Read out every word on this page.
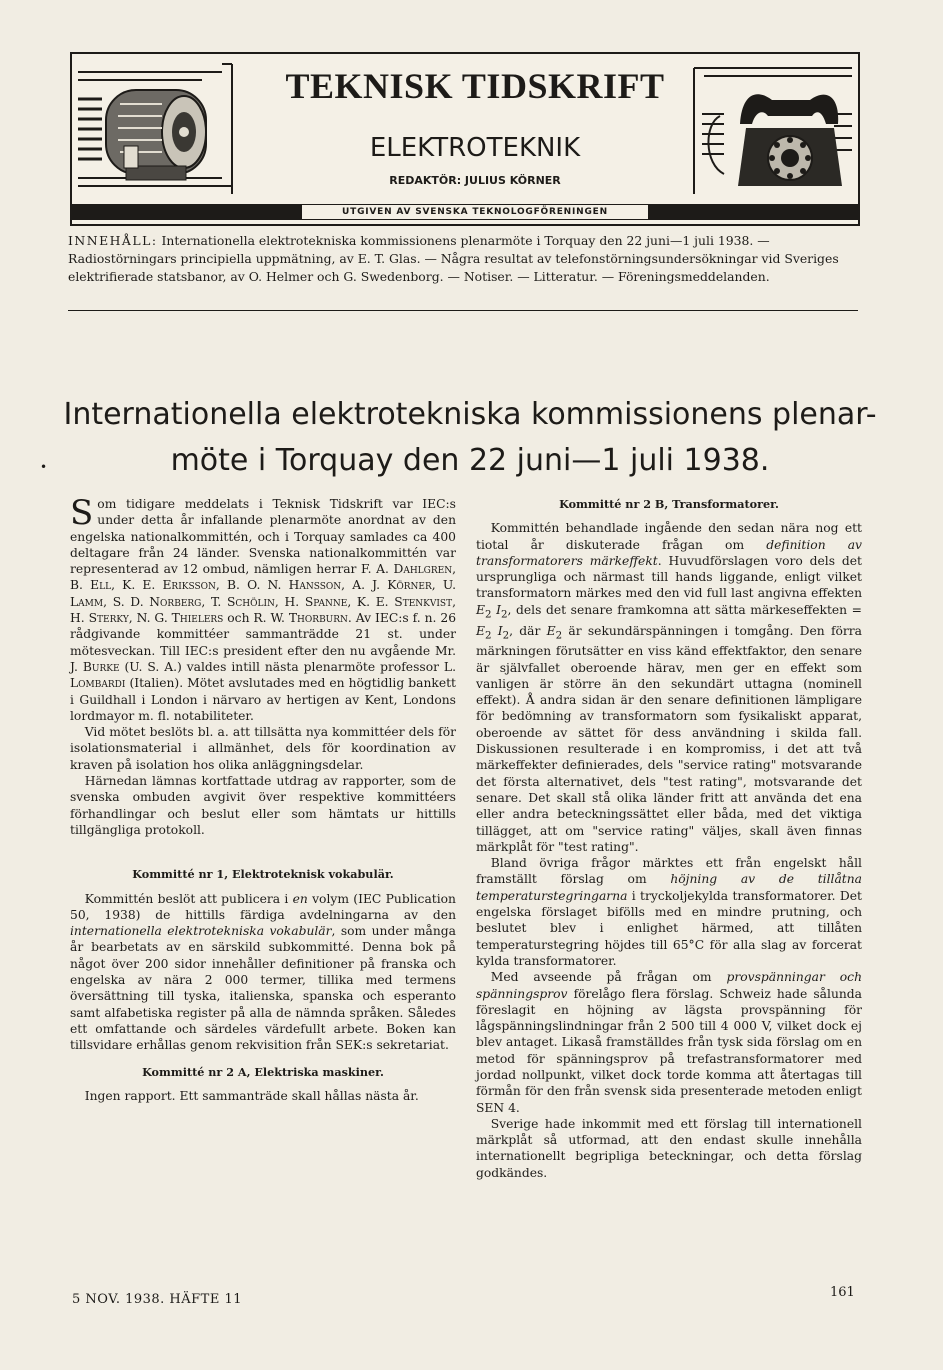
TEKNISK TIDSKRIFT
ELEKTROTEKNIK
REDAKTÖR: JULIUS KÖRNER
UTGIVEN AV SVENSKA TEKNOLOGFÖRENINGEN
INNEHÅLL: Internationella elektrotekniska kommissionens plenarmöte i Torquay den 22 juni—1 juli 1938. — Radiostörningars principiella uppmätning, av E. T. Glas. — Några resultat av telefonstörningsundersökningar vid Sveriges elektrifierade statsbanor, av O. Helmer och G. Swedenborg. — Notiser. — Litteratur. — Föreningsmeddelanden.
Internationella elektrotekniska kommissionens plenar-
möte i Torquay den 22 juni—1 juli 1938.
•

Som tidigare meddelats i Teknisk Tidskrift var IEC:s under detta år infallande plenarmöte anordnat av den engelska nationalkommittén, och i Torquay samlades ca 400 deltagare från 24 länder. Svenska nationalkommittén var representerad av 12 ombud, nämligen herrar F. A. Dahlgren, B. Ell, K. E. Eriksson, B. O. N. Hansson, A. J. Körner, U. Lamm, S. D. Norberg, T. Schölin, H. Spanne, K. E. Stenkvist, H. Sterky, N. G. Thielers och R. W. Thorburn. Av IEC:s f. n. 26 rådgivande kommittéer sammanträdde 21 st. under mötesveckan. Till IEC:s president efter den nu avgående Mr. J. Burke (U. S. A.) valdes intill nästa plenarmöte professor L. Lombardi (Italien). Mötet avslutades med en högtidlig bankett i Guildhall i London i närvaro av hertigen av Kent, Londons lordmayor m. fl. notabiliteter.

Vid mötet beslöts bl. a. att tillsätta nya kommittéer dels för isolationsmaterial i allmänhet, dels för koordination av kraven på isolation hos olika anläggningsdelar.

Härnedan lämnas kortfattade utdrag av rapporter, som de svenska ombuden avgivit över respektive kommittéers förhandlingar och beslut eller som hämtats ur hittills tillgängliga protokoll.

Kommitté nr 1, Elektroteknisk vokabulär.

Kommittén beslöt att publicera i en volym (IEC Publication 50, 1938) de hittills färdiga avdelningarna av den internationella elektrotekniska vokabulär, som under många år bearbetats av en särskild subkommitté. Denna bok på något över 200 sidor innehåller definitioner på franska och engelska av nära 2 000 termer, tillika med termens översättning till tyska, italienska, spanska och esperanto samt alfabetiska register på alla de nämnda språken. Således ett omfattande och särdeles värdefullt arbete. Boken kan tillsvidare erhållas genom rekvisition från SEK:s sekretariat.

Kommitté nr 2 A, Elektriska maskiner.

Ingen rapport. Ett sammanträde skall hållas nästa år.

Kommitté nr 2 B, Transformatorer.

Kommittén behandlade ingående den sedan nära nog ett tiotal år diskuterade frågan om definition av transformatorers märkeffekt. Huvudförslagen voro dels det ursprungliga och närmast till hands liggande, enligt vilket transformatorn märkes med den vid full last angivna effekten $E_2$ $I_2$, dels det senare framkomna att sätta märkeseffekten = $E_2$ $I_2$, där $E_2$ är sekundärspänningen i tomgång. Den förra märkningen förutsätter en viss känd effektfaktor, den senare är självfallet oberoende härav, men ger en effekt som vanligen är större än den sekundärt uttagna (nominell effekt). Å andra sidan är den senare definitionen lämpligare för bedömning av transformatorn som fysikaliskt apparat, oberoende av sättet för dess användning i skilda fall. Diskussionen resulterade i en kompromiss, i det att två märkeffekter definierades, dels "service rating" motsvarande det första alternativet, dels "test rating", motsvarande det senare. Det skall stå olika länder fritt att använda det ena eller andra beteckningssättet eller båda, med det viktiga tillägget, att om "service rating" väljes, skall även finnas märkplåt för "test rating".

Bland övriga frågor märktes ett från engelskt håll framställt förslag om höjning av de tillåtna temperaturstegringarna i tryckoljekylda transformatorer. Det engelska förslaget bifölls med en mindre prutning, och beslutet blev i enlighet härmed, att tillåten temperaturstegring höjdes till 65°C för alla slag av forcerat kylda transformatorer.

Med avseende på frågan om provspänningar och spänningsprov förelågo flera förslag. Schweiz hade sålunda föreslagit en höjning av lägsta provspänning för lågspänningslindningar från 2 500 till 4 000 V, vilket dock ej blev antaget. Likaså framställdes från tysk sida förslag om en metod för spänningsprov på trefastransformatorer med jordad nollpunkt, vilket dock torde komma att återtagas till förmån för den från svensk sida presenterade metoden enligt SEN 4.

Sverige hade inkommit med ett förslag till internationell märkplåt så utformad, att den endast skulle innehålla internationellt begripliga beteckningar, och detta förslag godkändes.

5 NOV. 1938. HÄFTE 11	161
